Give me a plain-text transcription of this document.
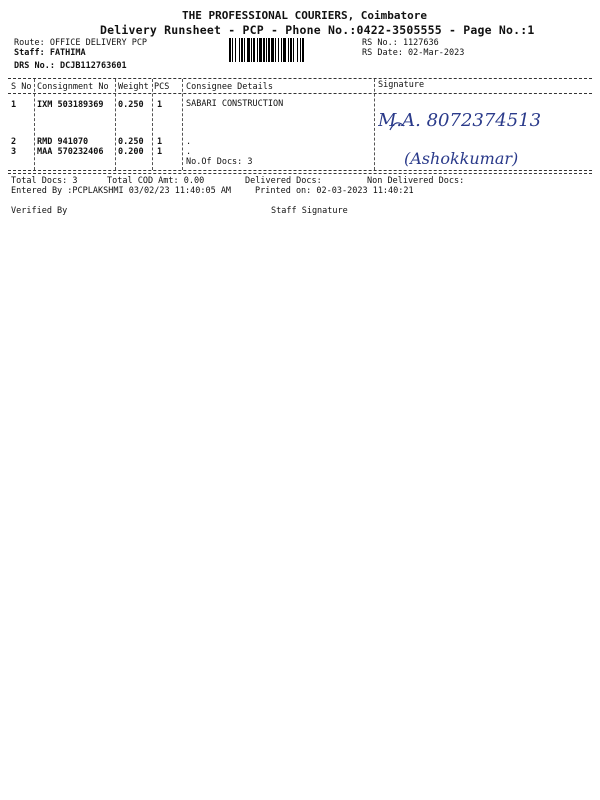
THE PROFESSIONAL COURIERS, Coimbatore
Delivery Runsheet - PCP - Phone No.:0422-3505555 - Page No.:1
Route: OFFICE DELIVERY PCP
Staff: FATHIMA
DRS No.: DCJB112763601
RS No.: 1127636
RS Date: 02-Mar-2023
S No Consignment No Weight PCS Consignee Details	Signature
1 IXM 503189369 0.250 1	SABARI CONSTRUCTION
2 RMD 941070	0.250 1	.
3 MAA 570232406 0.200 1	.
No.Of Docs: 3
M.A. 8072374513
(Ashokkumar)
Total Docs: 3	Total COD Amt: 0.00	Delivered Docs:	Non Delivered Docs:
Entered By :PCPLAKSHMI 03/02/23 11:40:05 AM	Printed on: 02-03-2023 11:40:21
Verified By	Staff Signature
